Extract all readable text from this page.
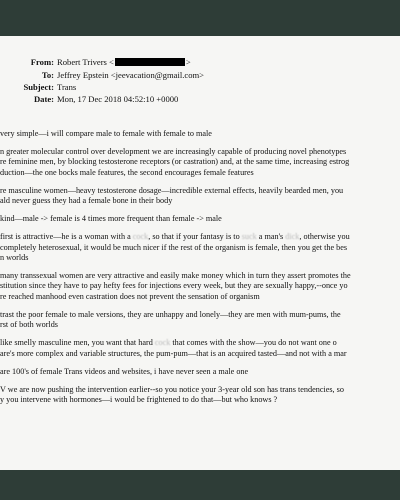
From: Robert Trivers <	>
To: Jeffrey Epstein <jeevacation@gmail.com>
Subject: Trans
Date: Mon, 17 Dec 2018 04:52:10 +0000
very simple—i will compare male to female with female to male
n greater molecular control over development we are increasingly capable of producing novel phenotypes
re feminine men, by blocking testosterone receptors (or castration) and, at the same time, increasing estrog
duction—the one bocks male features, the second encourages female features
re masculine women—heavy testosterone dosage—incredible external effects, heavily bearded men, you
ald never guess they had a female bone in their body
kind—male -> female is 4 times more frequent than female -> male
first is attractive—he is a woman with a cock, so that if your fantasy is to suck a man's dick, otherwise you
completely heterosexual, it would be much nicer if the rest of the organism is female, then you get the bes
n worlds
many transsexual women are very attractive and easily make money which in turn they assert promotes the
stitution since they have to pay hefty fees for injections every week, but they are sexually happy,--once yo
re reached manhood even castration does not prevent the sensation of organism
trast the poor female to male versions, they are unhappy and lonely—they are men with mum-pums, the
rst of both worlds
like smelly masculine men, you want that hard cock that comes with the show—you do not want one o
are's more complex and variable structures, the pum-pum—that is an acquired tasted—and not with a mar
are 100's of female Trans videos and websites, i have never seen a male one
V we are now pushing the intervention earlier--so you notice your 3-year old son has trans tendencies, so
y you intervene with hormones—i would be frightened to do that—but who knows ?
